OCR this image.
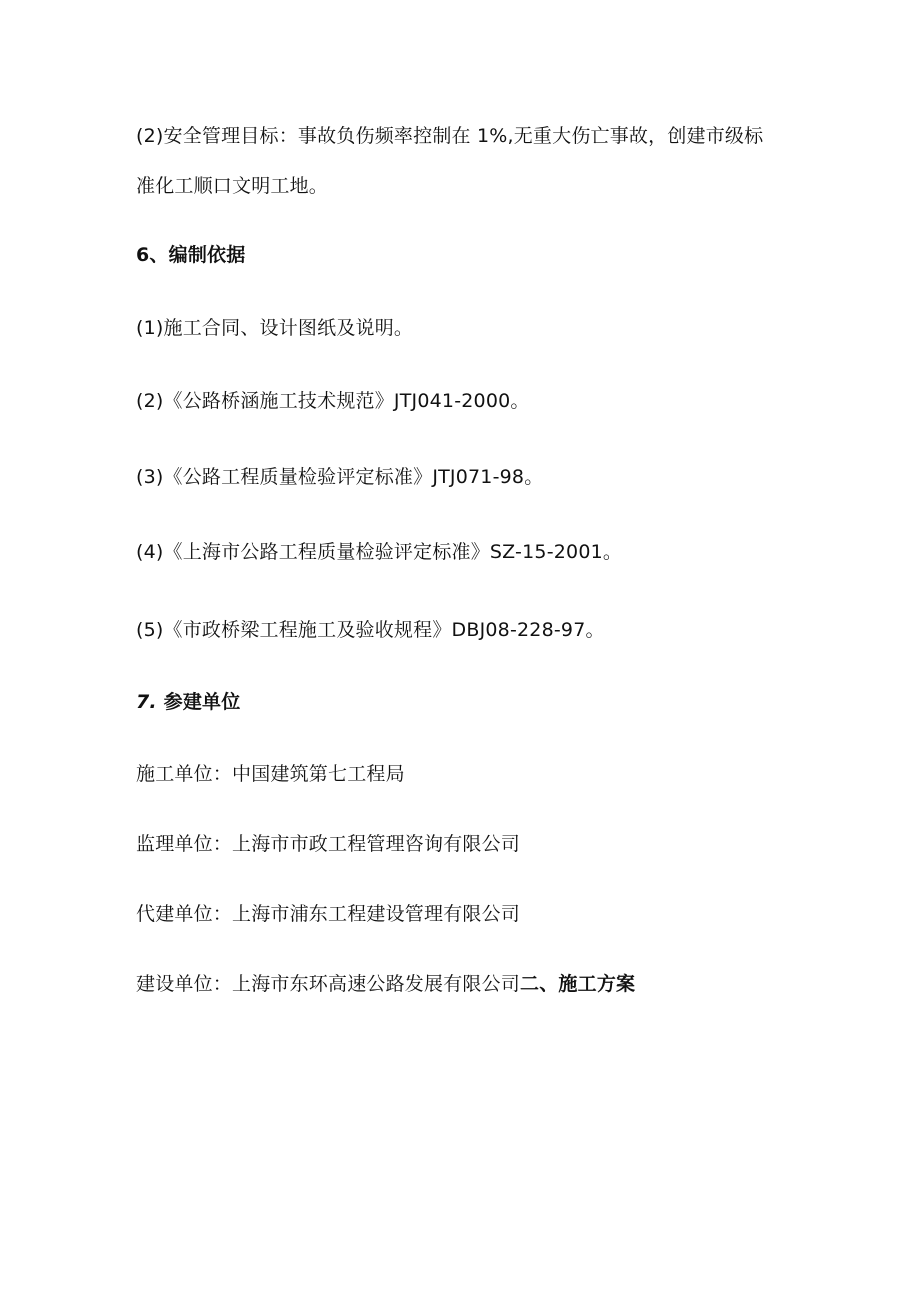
(2)安全管理目标：事故负伤频率控制在 1%,无重大伤亡事故，创建市级标
准化工顺口文明工地。
6、编制依据
(1)施工合同、设计图纸及说明。
(2)《公路桥涵施工技术规范》JTJ041-2000。
(3)《公路工程质量检验评定标准》JTJ071-98。
(4)《上海市公路工程质量检验评定标准》SZ-15-2001。
(5)《市政桥梁工程施工及验收规程》DBJ08-228-97。
7. 参建单位
施工单位：中国建筑第七工程局
监理单位：上海市市政工程管理咨询有限公司
代建单位：上海市浦东工程建设管理有限公司
建设单位：上海市东环高速公路发展有限公司二、施工方案
